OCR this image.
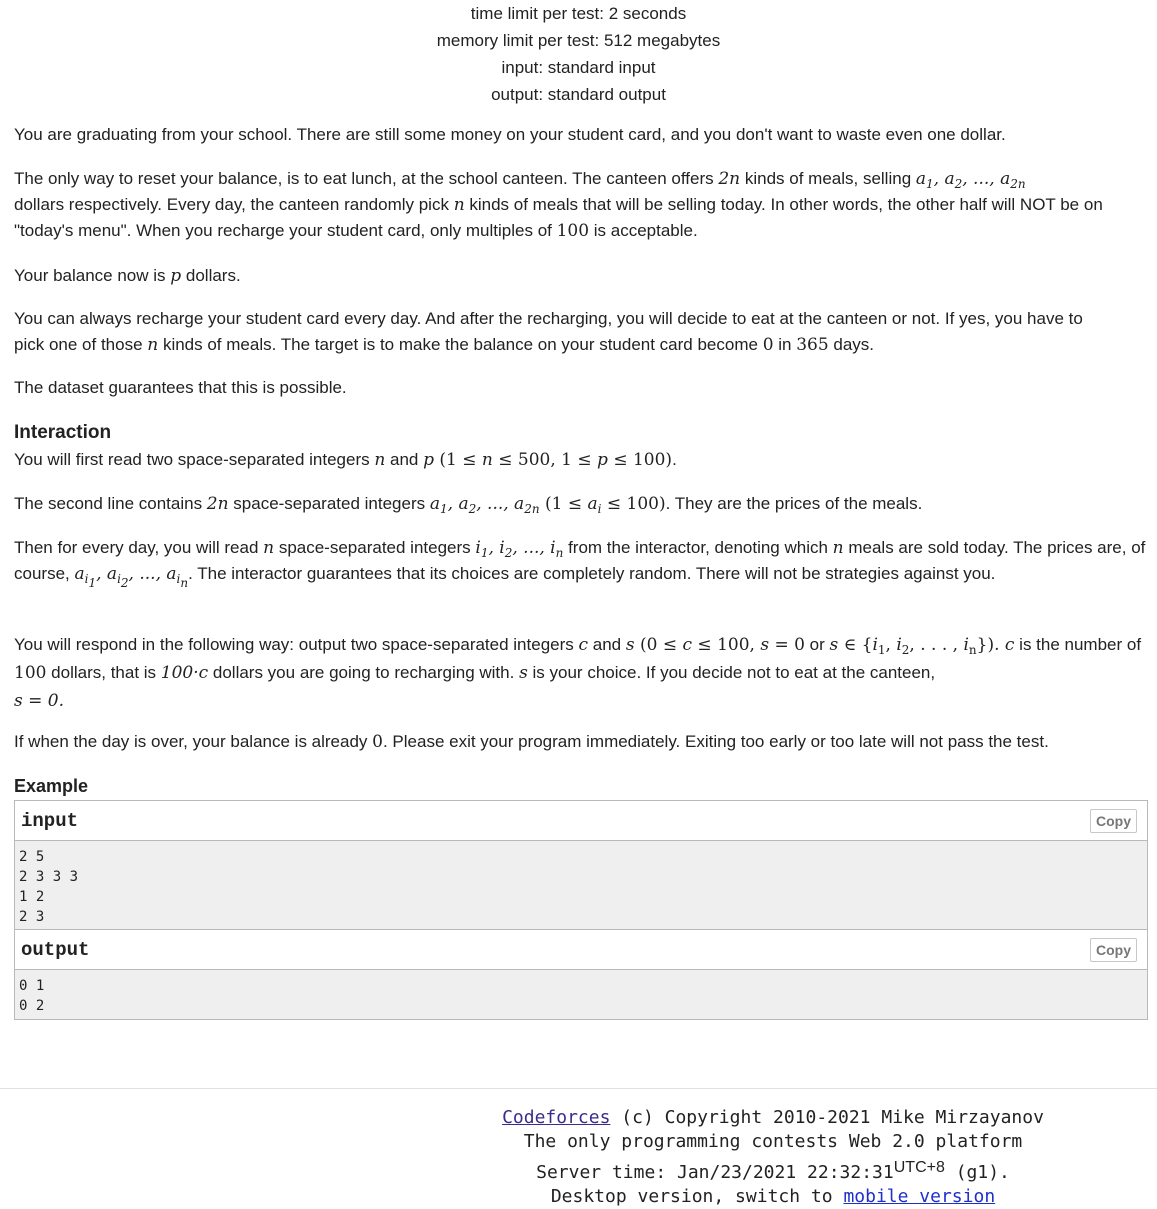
time limit per test: 2 seconds
memory limit per test: 512 megabytes
input: standard input
output: standard output

You are graduating from your school. There are still some money on your student card, and you don't want to waste even one dollar.

The only way to reset your balance, is to eat lunch, at the school canteen. The canteen offers 2n kinds of meals, selling $a_1$, $a_2$, ..., $a_{2n}$
dollars respectively. Every day, the canteen randomly pick n kinds of meals that will be selling today. In other words, the other half will NOT be on "today's menu". When you recharge your student card, only multiples of 100 is acceptable.

Your balance now is p dollars.

You can always recharge your student card every day. And after the recharging, you will decide to eat at the canteen or not. If yes, you have to pick one of those n kinds of meals. The target is to make the balance on your student card become 0 in 365 days.

The dataset guarantees that this is possible.

Interaction

You will first read two space-separated integers n and p (1 ≤ n ≤ 500, 1 ≤ p ≤ 100).

The second line contains 2n space-separated integers $a_1$, $a_2$, ..., $a_{2n}$ $(1 \le a_i \le 100)$. They are the prices of the meals.

Then for every day, you will read n space-separated integers $i_1$, $i_2$, ..., $i_n$ from the interactor, denoting which n meals are sold today. The prices are, of course, $a_{i_1}$, $a_{i_2}$, ..., $a_{i_n}$. The interactor guarantees that its choices are completely random. There will not be strategies against you.

You will respond in the following way: output two space-separated integers c and s (0 ≤ c ≤ 100, s = 0 or s ∈ {$i_1$, $i_2$, . . . , $i_n$}). c is the number of 100 dollars, that is 100·c dollars you are going to recharging with. s is your choice. If you decide not to eat at the canteen,
s = 0.

If when the day is over, your balance is already 0. Please exit your program immediately. Exiting too early or too late will not pass the test.

Example
input	Copy
2 5
2 3 3 3
1 2
2 3
output	Copy
0 1
0 2
Codeforces (c) Copyright 2010-2021 Mike Mirzayanov
The only programming contests Web 2.0 platform
Server time: Jan/23/2021 22:32:31UTC+8 (g1).
Desktop version, switch to mobile version
